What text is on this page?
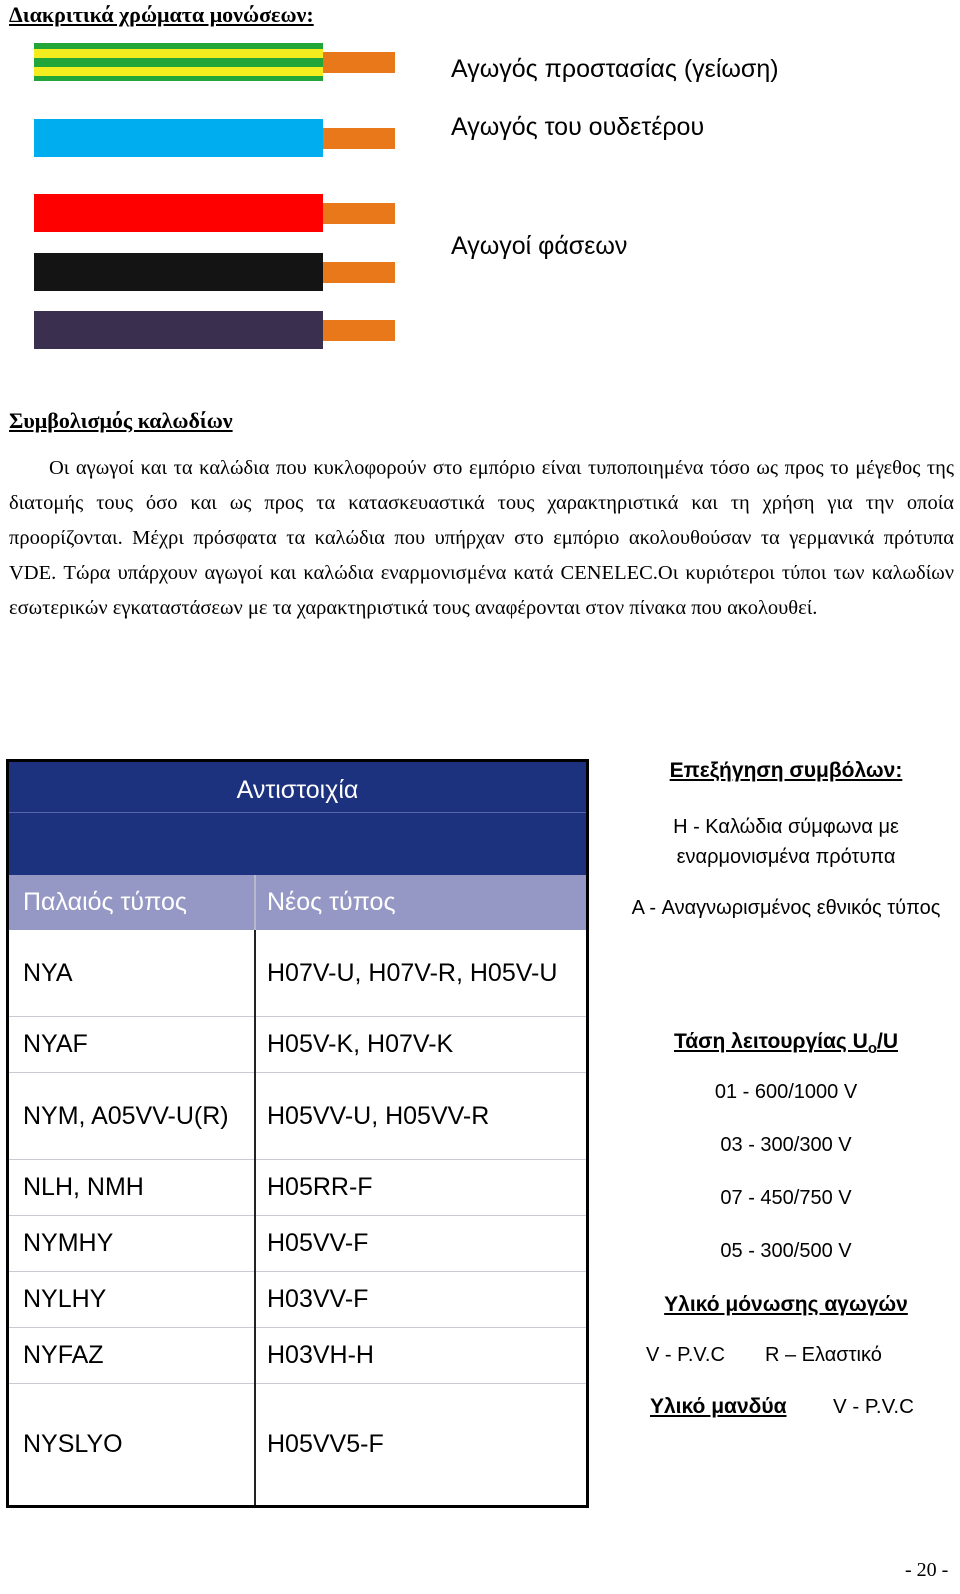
Διακριτικά χρώματα μονώσεων:
Αγωγός προστασίας (γείωση)
Αγωγός του ουδετέρου
Αγωγοί φάσεων
Συμβολισμός καλωδίων
Οι αγωγοί και τα καλώδια που κυκλοφορούν στο εμπόριο είναι τυποποιημένα τόσο ως προς το μέγεθος της διατομής τους όσο και ως προς τα κατασκευαστικά τους χαρακτηριστικά και τη χρήση για την οποία προορίζονται. Μέχρι πρόσφατα τα καλώδια που υπήρχαν στο εμπόριο ακολουθούσαν τα γερμανικά πρότυπα VDE. Τώρα υπάρχουν αγωγοί και καλώδια εναρμονισμένα κατά CENELEC.Οι κυριότεροι τύποι των καλωδίων εσωτερικών εγκαταστάσεων με τα χαρακτηριστικά τους αναφέρονται στον πίνακα που ακολουθεί.
Αντιστοιχία
Παλαιός τύπος	Νέος τύπος
NYA	H07V-U, H07V-R, H05V-U
NYAF	H05V-K, H07V-K
NYM, A05VV-U(R)	H05VV-U, H05VV-R
NLH, NMH	H05RR-F
NYMHY	H05VV-F
NYLHY	H03VV-F
NYFAZ	H03VH-H
NYSLYO	H05VV5-F
Επεξήγηση συμβόλων:
H - Καλώδια σύμφωνα με εναρμονισμένα πρότυπα
A - Αναγνωρισμένος εθνικός τύπος
Τάση λειτουργίας $U_o/U$
01 - 600/1000 V
03 - 300/300 V
07 - 450/750 V
05 - 300/500 V
Υλικό μόνωσης αγωγών
V - P.V.C R – Ελαστικό
Υλικό μανδύα V - P.V.C
- 20 -
